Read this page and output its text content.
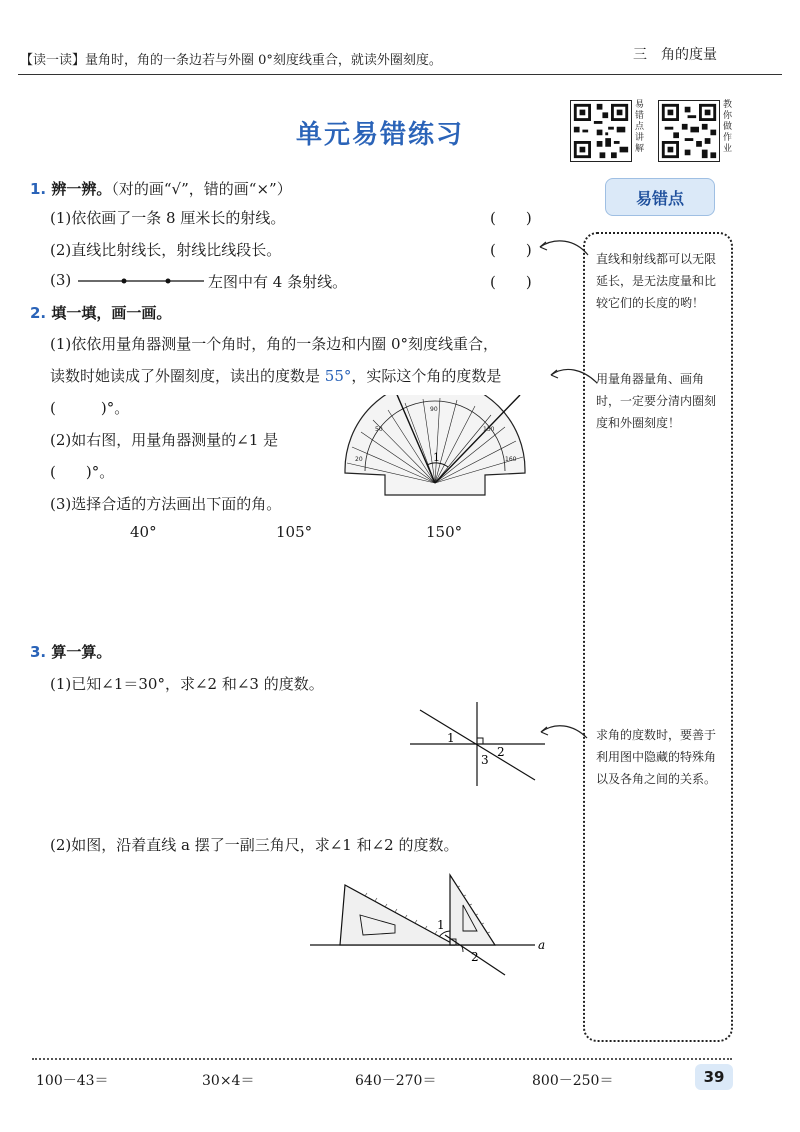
【读一读】量角时，角的一条边若与外圈 0°刻度线重合，就读外圈刻度。	三　角的度量
单元易错练习
易错点讲解
教你做作业
易错点
直线和射线都可以无限延长，是无法度量和比较它们的长度的哟！
用量角器量角、画角时，一定要分清内圈刻度和外圈刻度！
求角的度数时，要善于利用图中隐藏的特殊角以及各角之间的关系。
1. 辨一辨。（对的画“√”，错的画“×”）
(1)依依画了一条 8 厘米长的射线。	(　　)
(2)直线比射线长，射线比线段长。	(　　)
(3)	左图中有 4 条射线。	(　　)
2. 填一填，画一画。
(1)依依用量角器测量一个角时，角的一条边和内圈 0°刻度线重合，
读数时她读成了外圈刻度，读出的度数是 55°，实际这个角的度数是
(　　　)°。
(2)如右图，用量角器测量的∠1 是
(　　)°。
(3)选择合适的方法画出下面的角。
40°	105°	150°
1
90
20	160
50	130
3. 算一算。
(1)已知∠1＝30°，求∠2 和∠3 的度数。
1
2
3
(2)如图，沿着直线 a 摆了一副三角尺，求∠1 和∠2 的度数。
1
2
a
100－43＝	30×4＝	640－270＝	800－250＝	39
